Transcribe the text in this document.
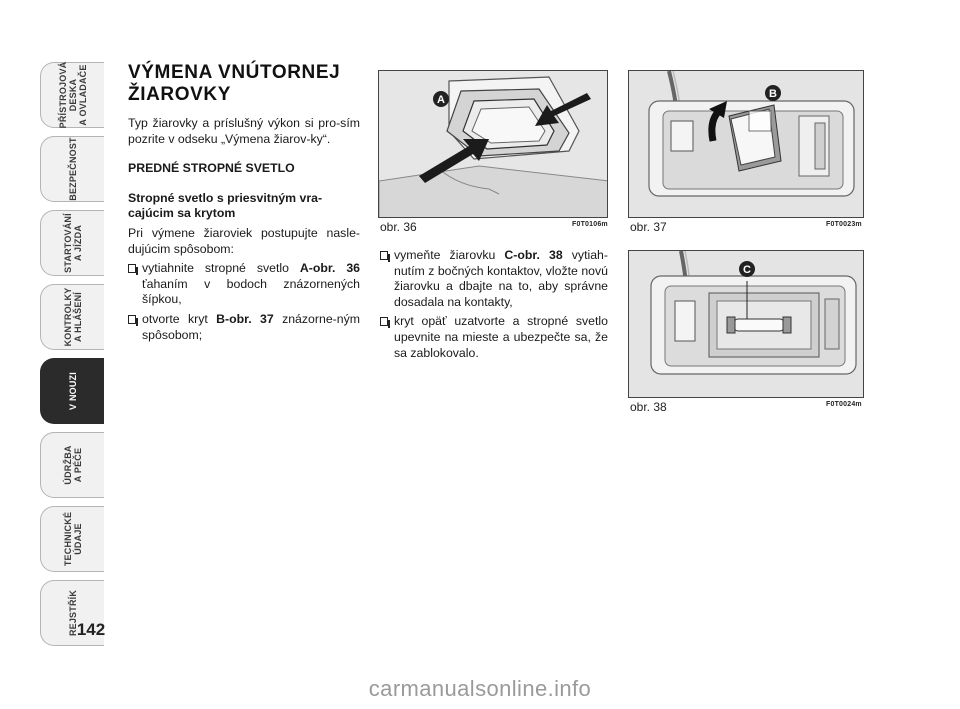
PŘÍSTROJOVÁ
DESKA
A OVLADAČE
BEZPEČNOST
STARTOVÁNÍ
A JÍZDA
KONTROLKY
A HLÁŠENÍ
V NOUZI
ÚDRŽBA
A PÉČE
TECHNICKÉ
ÚDAJE
REJSTŘÍK 142
VÝMENA VNÚTORNEJ
ŽIAROVKY

Typ žiarovky a príslušný výkon si pro-sím pozrite v odseku „Výmena žiarov-ky“.

PREDNÉ STROPNÉ SVETLO
Stropné svetlo s priesvitným vra-cajúcim sa krytom

Pri výmene žiaroviek postupujte nasle-dujúcim spôsobom:

vytiahnite stropné svetlo A-obr. 36 ťahaním v bodoch znázornených šípkou,

otvorte kryt B-obr. 37 znázorne-ným spôsobom;

vymeňte žiarovku C-obr. 38 vytiah-nutím z bočných kontaktov, vložte novú žiarovku a dbajte na to, aby správne dosadala na kontakty,

kryt opäť uzatvorte a stropné svetlo upevnite na mieste a ubezpečte sa, že sa zablokovalo.

A
obr. 36	F0T0106m
B
obr. 37	F0T0023m
C
obr. 38	F0T0024m
carmanualsonline.info
